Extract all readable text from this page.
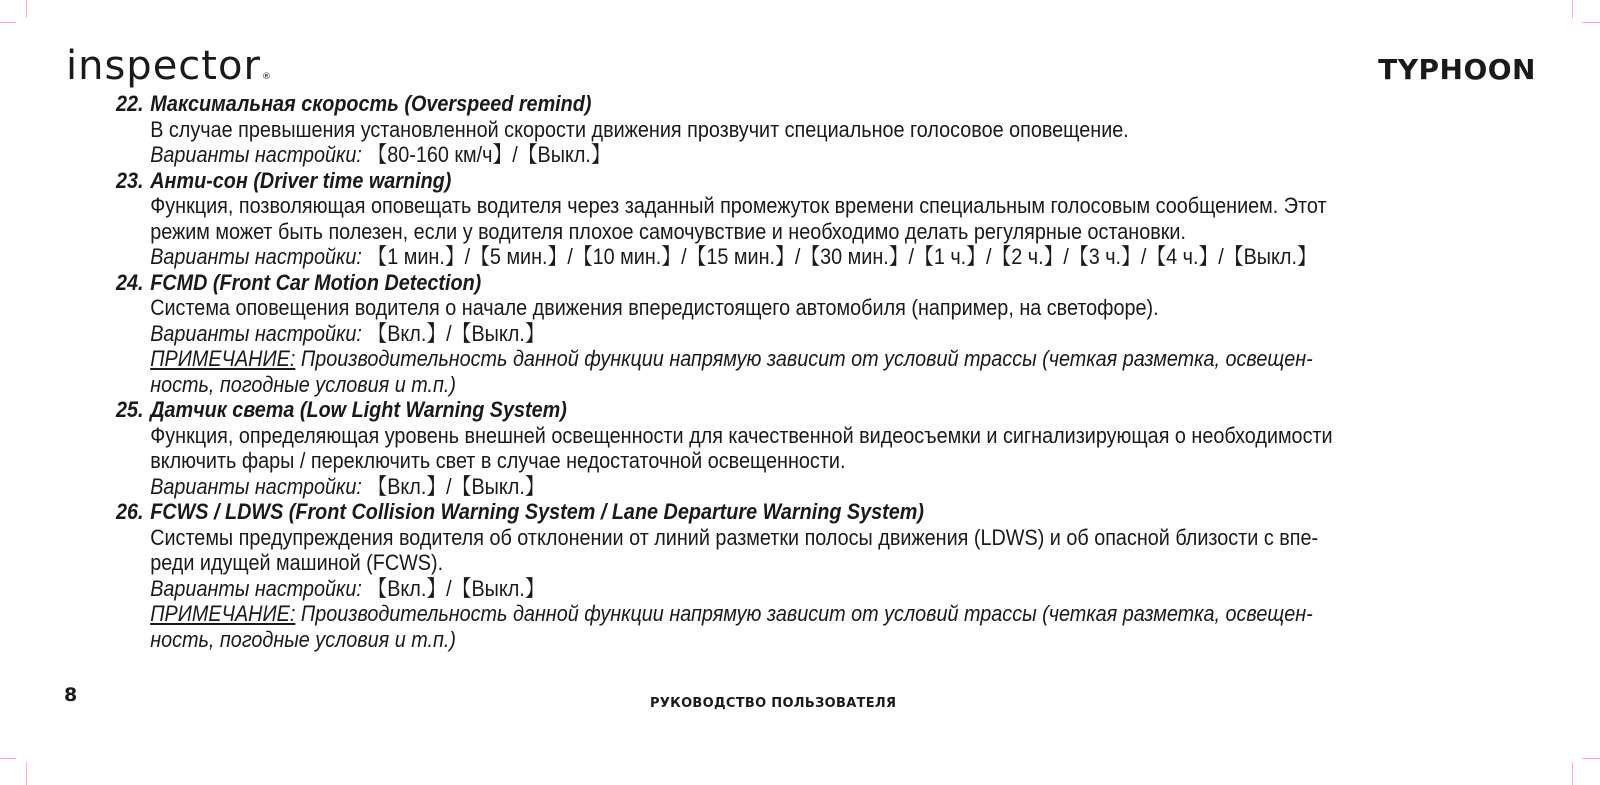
inspector®	TYPHOON
22. Максимальная скорость (Overspeed remind)
В случае превышения установленной скорости движения прозвучит специальное голосовое оповещение.
Варианты настройки: 【80-160 км/ч】/【Выкл.】
23. Анти-сон (Driver time warning)
Функция, позволяющая оповещать водителя через заданный промежуток времени специальным голосовым сообщением. Этот
режим может быть полезен, если у водителя плохое самочувствие и необходимо делать регулярные остановки.
Варианты настройки: 【1 мин.】/【5 мин.】/【10 мин.】/【15 мин.】/【30 мин.】/【1 ч.】/【2 ч.】/【3 ч.】/【4 ч.】/【Выкл.】
24. FCMD (Front Car Motion Detection)
Система оповещения водителя о начале движения впередистоящего автомобиля (например, на светофоре).
Варианты настройки: 【Вкл.】/【Выкл.】
ПРИМЕЧАНИЕ: Производительность данной функции напрямую зависит от условий трассы (четкая разметка, освещен-
ность, погодные условия и т.п.)
25. Датчик света (Low Light Warning System)
Функция, определяющая уровень внешней освещенности для качественной видеосъемки и сигнализирующая о необходимости
включить фары / переключить свет в случае недостаточной освещенности.
Варианты настройки: 【Вкл.】/【Выкл.】
26. FCWS / LDWS (Front Collision Warning System / Lane Departure Warning System)
Системы предупреждения водителя об отклонении от линий разметки полосы движения (LDWS) и об опасной близости с впе-
реди идущей машиной (FCWS).
Варианты настройки: 【Вкл.】/【Выкл.】
ПРИМЕЧАНИЕ: Производительность данной функции напрямую зависит от условий трассы (четкая разметка, освещен-
ность, погодные условия и т.п.)
8	РУКОВОДСТВО ПОЛЬЗОВАТЕЛЯ
